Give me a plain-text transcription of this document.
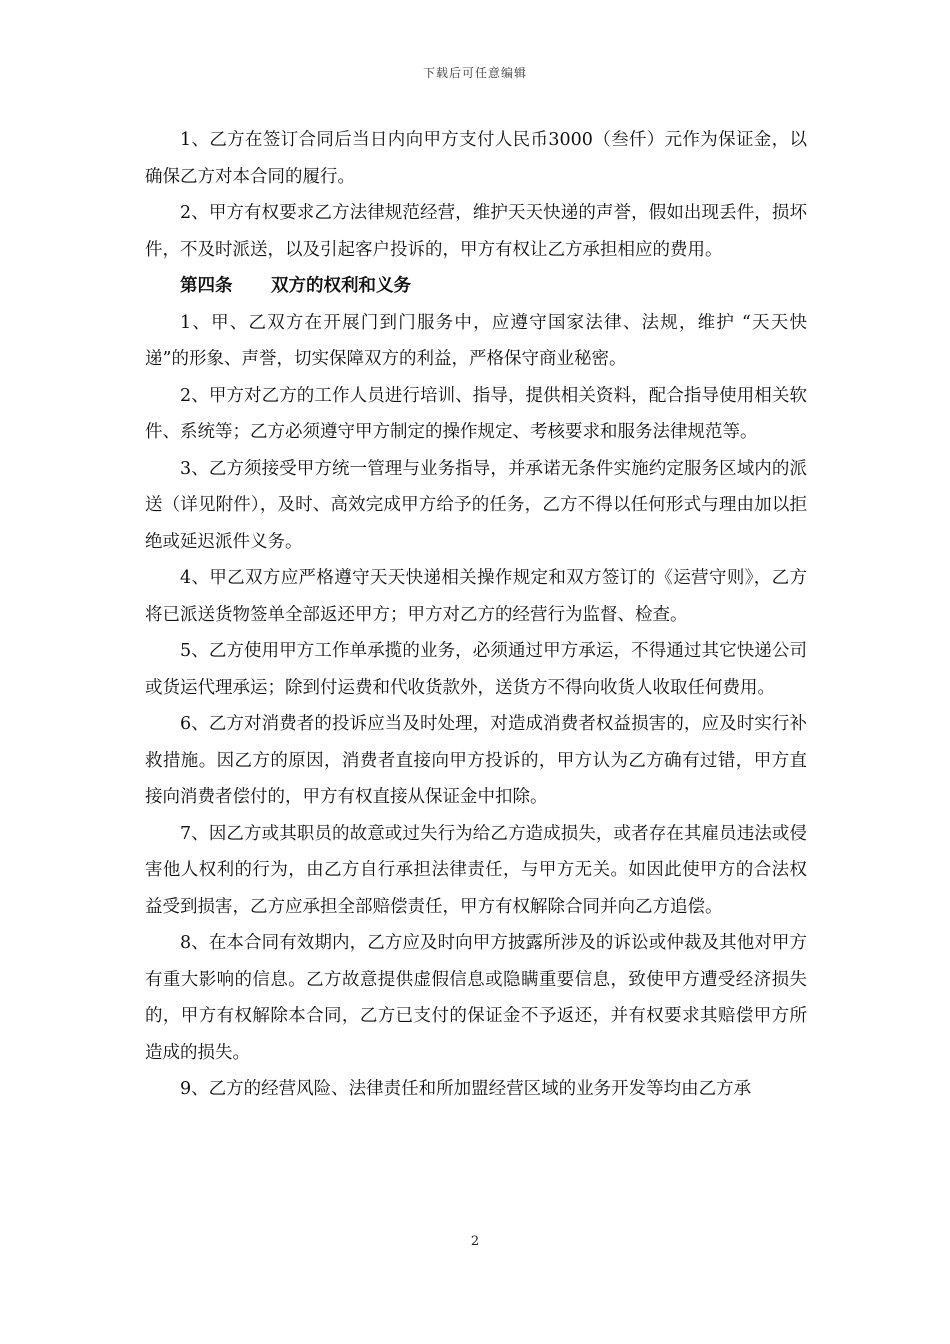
下载后可任意编辑

1、乙方在签订合同后当日内向甲方支付人民币3000（叁仟）元作为保证金，以确保乙方对本合同的履行。

2、甲方有权要求乙方法律规范经营，维护天天快递的声誉，假如出现丢件，损坏件，不及时派送，以及引起客户投诉的，甲方有权让乙方承担相应的费用。

第四条 双方的权利和义务

1、甲、乙双方在开展门到门服务中，应遵守国家法律、法规，维护 “天天快递”的形象、声誉，切实保障双方的利益，严格保守商业秘密。

2、甲方对乙方的工作人员进行培训、指导，提供相关资料，配合指导使用相关软件、系统等；乙方必须遵守甲方制定的操作规定、考核要求和服务法律规范等。

3、乙方须接受甲方统一管理与业务指导，并承诺无条件实施约定服务区域内的派送（详见附件），及时、高效完成甲方给予的任务，乙方不得以任何形式与理由加以拒绝或延迟派件义务。

4、甲乙双方应严格遵守天天快递相关操作规定和双方签订的《运营守则》，乙方将已派送货物签单全部返还甲方；甲方对乙方的经营行为监督、检查。

5、乙方使用甲方工作单承揽的业务，必须通过甲方承运，不得通过其它快递公司或货运代理承运；除到付运费和代收货款外，送货方不得向收货人收取任何费用。

6、乙方对消费者的投诉应当及时处理，对造成消费者权益损害的，应及时实行补救措施。因乙方的原因，消费者直接向甲方投诉的，甲方认为乙方确有过错，甲方直接向消费者偿付的，甲方有权直接从保证金中扣除。

7、因乙方或其职员的故意或过失行为给乙方造成损失，或者存在其雇员违法或侵害他人权利的行为，由乙方自行承担法律责任，与甲方无关。如因此使甲方的合法权益受到损害，乙方应承担全部赔偿责任，甲方有权解除合同并向乙方追偿。

8、在本合同有效期内，乙方应及时向甲方披露所涉及的诉讼或仲裁及其他对甲方有重大影响的信息。乙方故意提供虚假信息或隐瞒重要信息，致使甲方遭受经济损失的，甲方有权解除本合同，乙方已支付的保证金不予返还，并有权要求其赔偿甲方所造成的损失。

9、乙方的经营风险、法律责任和所加盟经营区域的业务开发等均由乙方承

2
